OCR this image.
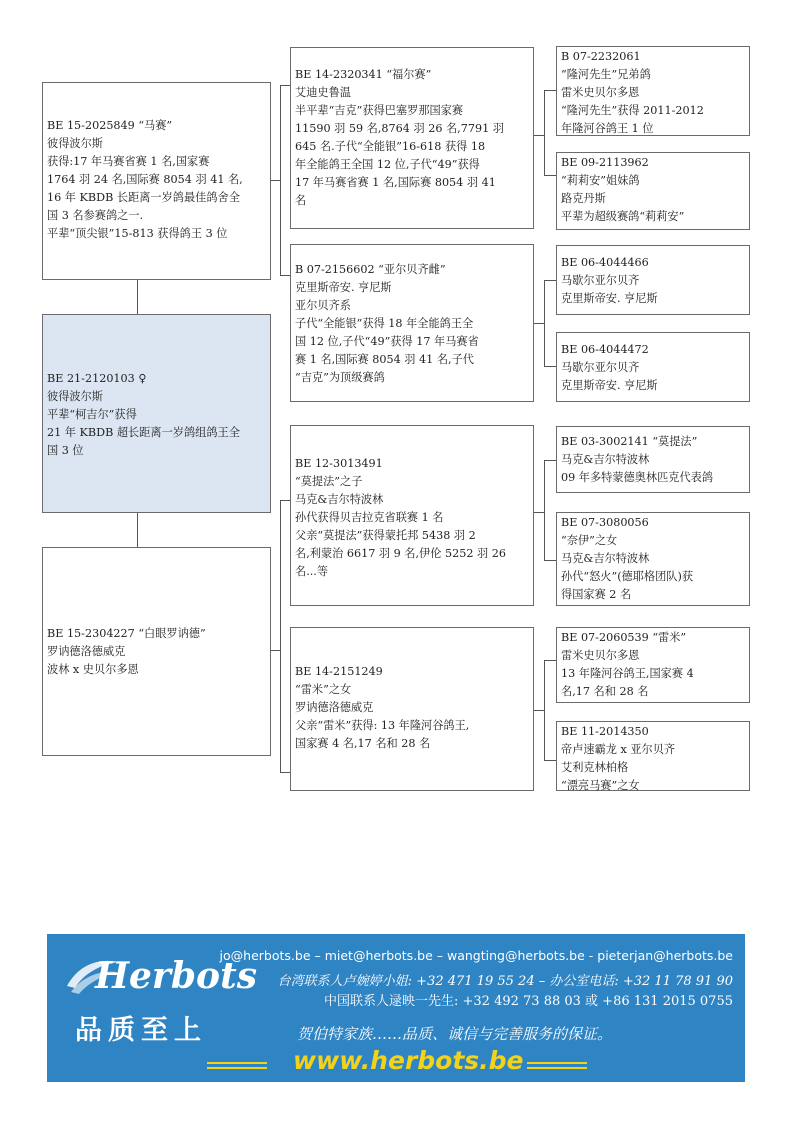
BE 15-2025849 “马赛”
彼得波尔斯
获得:17 年马赛省赛 1 名,国家赛
1764 羽 24 名,国际赛 8054 羽 41 名,
16 年 KBDB 长距离一岁鸽最佳鸽舍全
国 3 名参赛鸽之一.
平辈“顶尖银”15-813 获得鸽王 3 位
BE 21-2120103 ♀
彼得波尔斯
平辈“柯吉尔”获得
21 年 KBDB 超长距离一岁鸽组鸽王全
国 3 位
BE 15-2304227 “白眼罗讷德”
罗讷德洛德威克
波林 x 史贝尔多恩
BE 14-2320341 “福尔赛”
艾迪史鲁温
半平辈“吉克”获得巴塞罗那国家赛
11590 羽 59 名,8764 羽 26 名,7791 羽
645 名.子代“全能银”16-618 获得 18
年全能鸽王全国 12 位,子代“49”获得
17 年马赛省赛 1 名,国际赛 8054 羽 41
名
B 07-2156602 “亚尔贝齐雌”
克里斯帝安. 亨尼斯
亚尔贝齐系
子代“全能银”获得 18 年全能鸽王全
国 12 位,子代“49”获得 17 年马赛省
赛 1 名,国际赛 8054 羽 41 名,子代
“吉克”为顶级赛鸽
BE 12-3013491
“莫提法”之子
马克&吉尔特波林
孙代获得贝吉拉克省联赛 1 名
父亲“莫提法”获得蒙托邦 5438 羽 2
名,利蒙治 6617 羽 9 名,伊伦 5252 羽 26
名...等
BE 14-2151249
“雷米”之女
罗讷德洛德威克
父亲“雷米”获得: 13 年隆河谷鸽王,
国家赛 4 名,17 名和 28 名
B 07-2232061
“隆河先生”兄弟鸽
雷米史贝尔多恩
“隆河先生”获得 2011-2012
年隆河谷鸽王 1 位
BE 09-2113962
“莉莉安”姐妹鸽
路克丹斯
平辈为超级赛鸽“莉莉安”
BE 06-4044466
马歇尔亚尔贝齐
克里斯帝安. 亨尼斯
BE 06-4044472
马歇尔亚尔贝齐
克里斯帝安. 亨尼斯
BE 03-3002141 “莫提法”
马克&吉尔特波林
09 年多特蒙德奥林匹克代表鸽
BE 07-3080056
“奈伊”之女
马克&吉尔特波林
孙代“怒火”(德耶格团队)获
得国家赛 2 名
BE 07-2060539 “雷米”
雷米史贝尔多恩
13 年隆河谷鸽王,国家赛 4
名,17 名和 28 名
BE 11-2014350
帝卢速霸龙 x 亚尔贝齐
艾利克林柏格
“漂亮马赛”之女
Herbots
品质至上
jo@herbots.be – miet@herbots.be – wangting@herbots.be - pieterjan@herbots.be
台湾联系人卢婉婷小姐: +32 471 19 55 24 – 办公室电话: +32 11 78 91 90
中国联系人逯映一先生: +32 492 73 88 03 或 +86 131 2015 0755
贺伯特家族……品质、诚信与完善服务的保证。
www.herbots.be
